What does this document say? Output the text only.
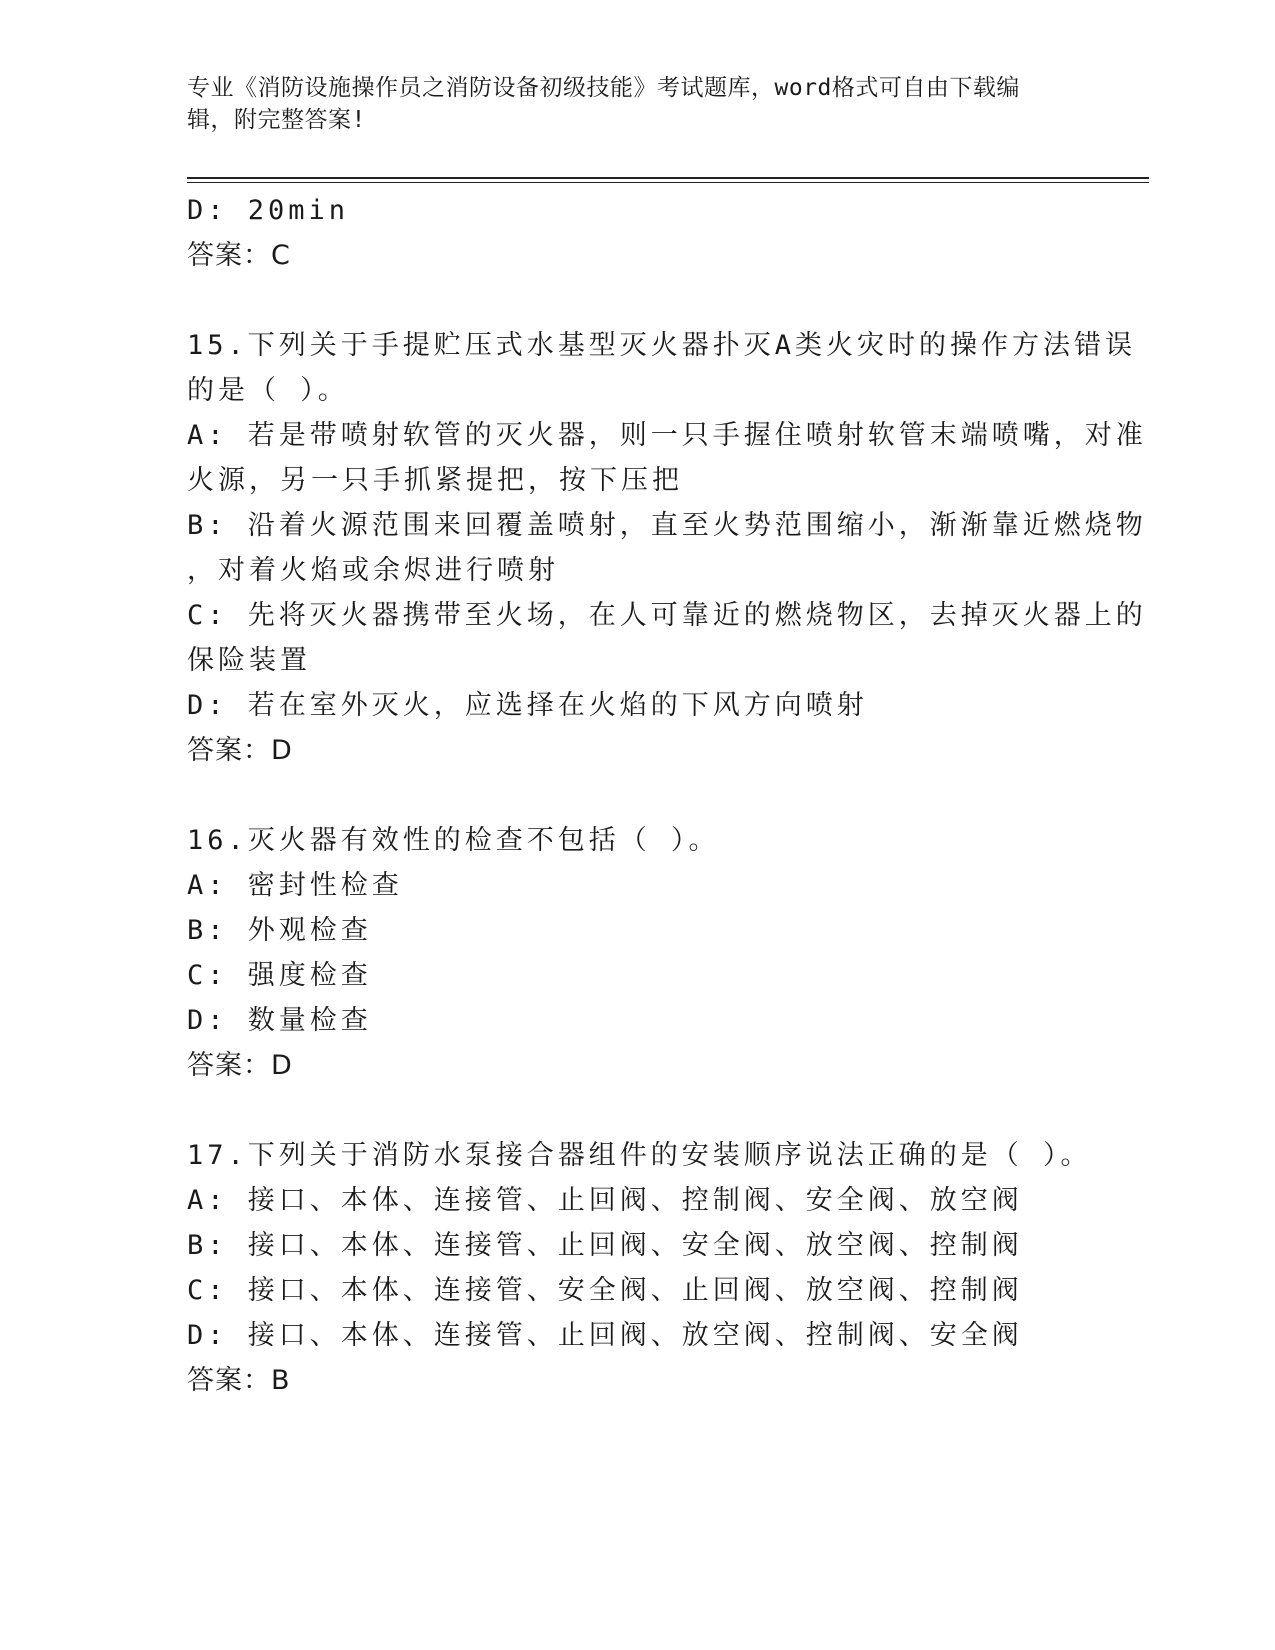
专业《消防设施操作员之消防设备初级技能》考试题库，word格式可自由下载编
辑，附完整答案!
D: 20min
答案：C
15.下列关于手提贮压式水基型灭火器扑灭A类火灾时的操作方法错误
的是（ ）。
A: 若是带喷射软管的灭火器，则一只手握住喷射软管末端喷嘴，对准
火源，另一只手抓紧提把，按下压把
B: 沿着火源范围来回覆盖喷射，直至火势范围缩小，渐渐靠近燃烧物
，对着火焰或余烬进行喷射
C: 先将灭火器携带至火场，在人可靠近的燃烧物区，去掉灭火器上的
保险装置
D: 若在室外灭火，应选择在火焰的下风方向喷射
答案：D
16.灭火器有效性的检查不包括（ ）。
A: 密封性检查
B: 外观检查
C: 强度检查
D: 数量检查
答案：D
17.下列关于消防水泵接合器组件的安装顺序说法正确的是（ ）。
A: 接口、本体、连接管、止回阀、控制阀、安全阀、放空阀
B: 接口、本体、连接管、止回阀、安全阀、放空阀、控制阀
C: 接口、本体、连接管、安全阀、止回阀、放空阀、控制阀
D: 接口、本体、连接管、止回阀、放空阀、控制阀、安全阀
答案：B
